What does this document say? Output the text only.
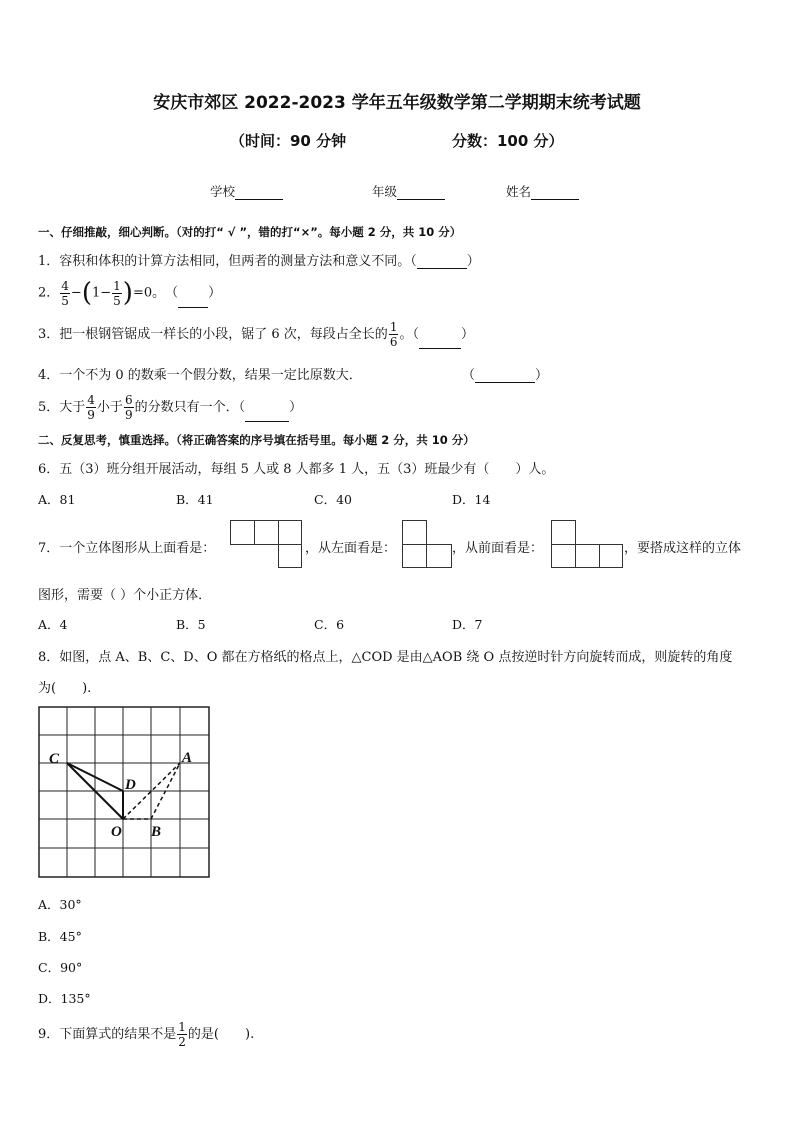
安庆市郊区 2022-2023 学年五年级数学第二学期期末统考试题
（时间：90 分钟	分数：100 分）
学校	年级	姓名
一、仔细推敲，细心判断。（对的打“ √ ”，错的打“×”。每小题 2 分，共 10 分）
1．容积和体积的计算方法相同，但两者的测量方法和意义不同。（	）
2． $\frac{4}{5} -(1- \frac{1}{5} )=0$。　（ ）
3．把一根钢管锯成一样长的小段，锯了 6 次，每段占全长的 $\frac{1}{6}$ 。（	）
4．一个不为 0 的数乘一个假分数，结果一定比原数大．	（	）
5．大于 $\frac{4}{9}$ 小于 $\frac{6}{9}$ 的分数只有一个．（	）
二、反复思考，慎重选择。（将正确答案的序号填在括号里。每小题 2 分，共 10 分）
6．五（3）班分组开展活动，每组 5 人或 8 人都多 1 人，五（3）班最少有（　　）人。
A．81	B．41	C．40	D．14
7．一个立体图形从上面看是：	，从左面看是：	，从前面看是：	，要搭成这样的立体
图形，需要（ ）个小正方体．
A．4	B．5	C．6	D．7
8．如图，点 A、B、C、D、O 都在方格纸的格点上，△COD 是由△AOB 绕 O 点按逆时针方向旋转而成，则旋转的角度
为(　　).
C
D
O B
A
A．30°
B．45°
C．90°
D．135°
9．下面算式的结果不是 $\frac{1}{2}$ 的是(　　).
